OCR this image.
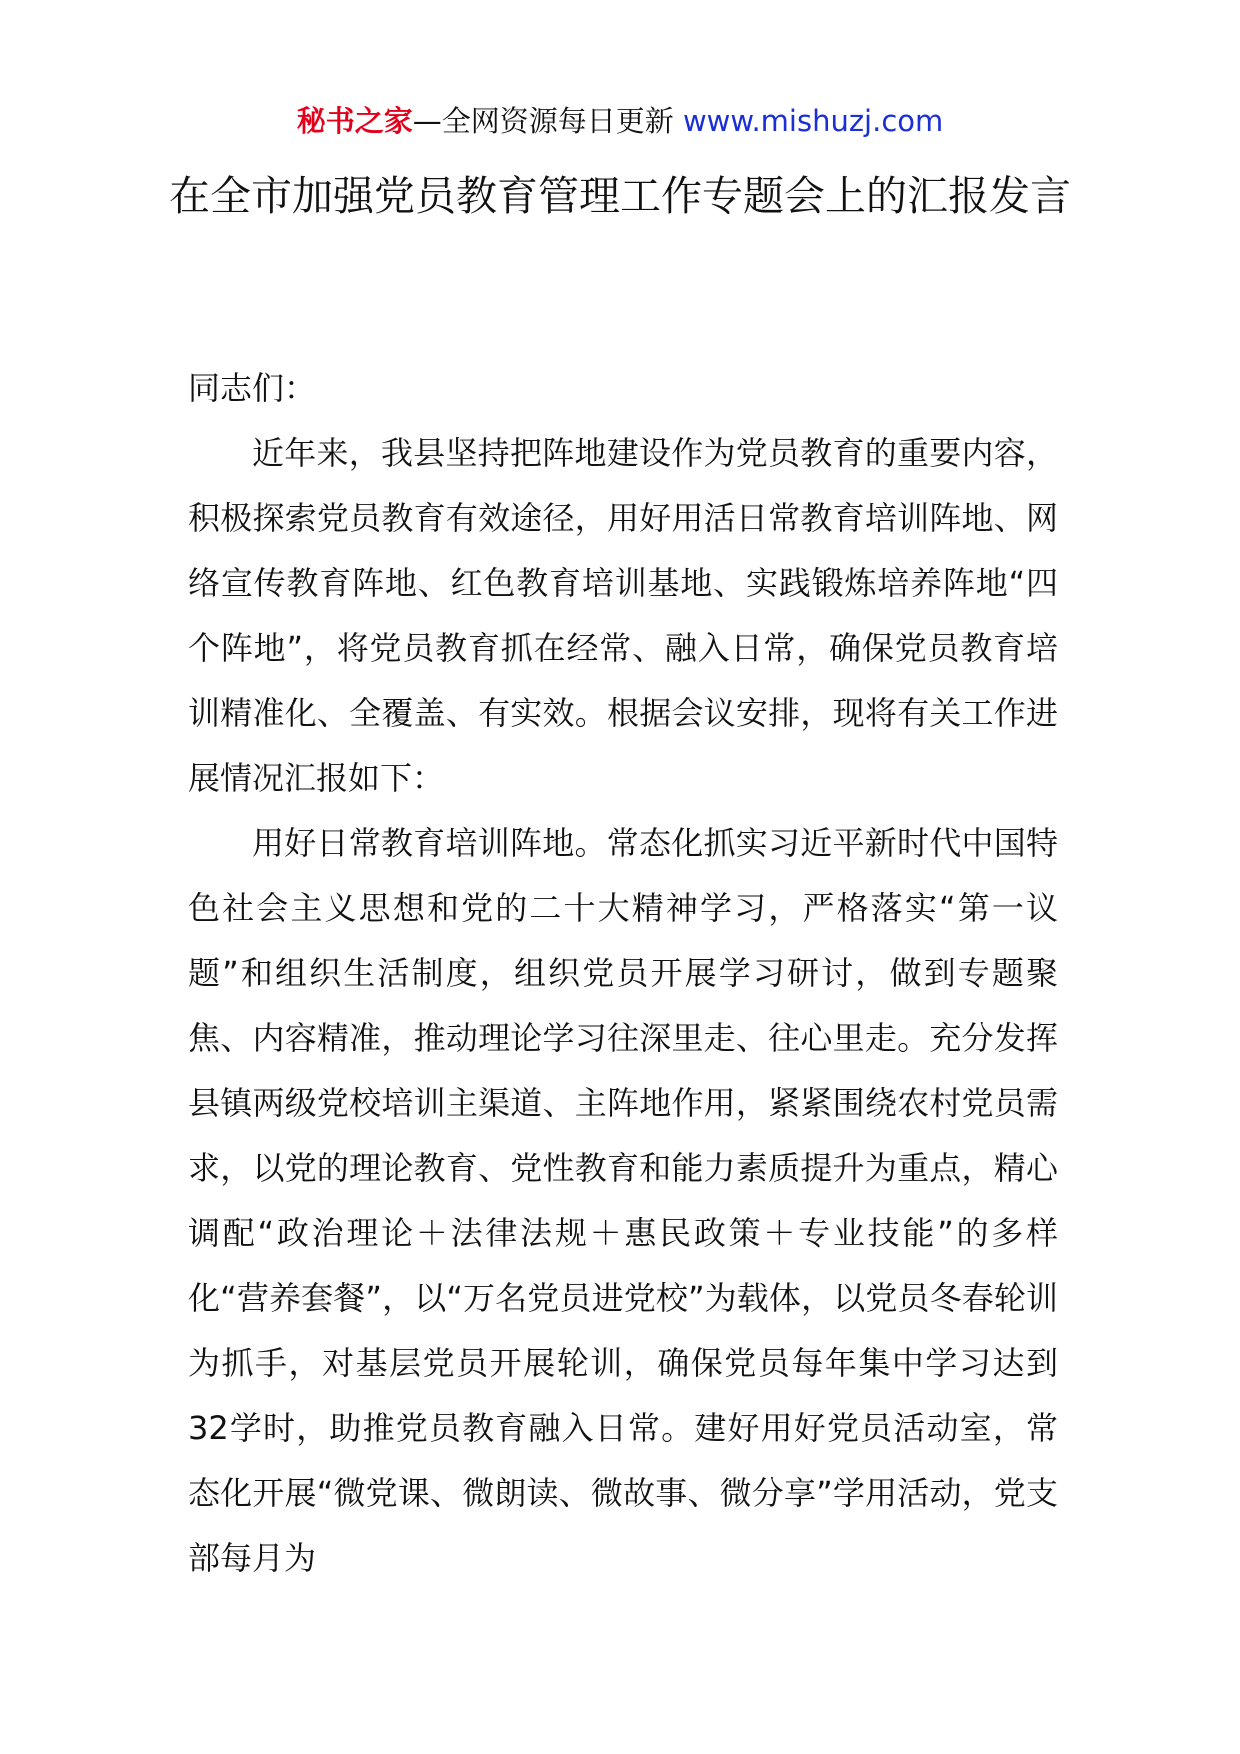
秘书之家—全网资源每日更新 www.mishuzj.com
在全市加强党员教育管理工作专题会上的汇报发言

同志们：

近年来，我县坚持把阵地建设作为党员教育的重要内容，积极探索党员教育有效途径，用好用活日常教育培训阵地、网络宣传教育阵地、红色教育培训基地、实践锻炼培养阵地“四个阵地”，将党员教育抓在经常、融入日常，确保党员教育培训精准化、全覆盖、有实效。根据会议安排，现将有关工作进展情况汇报如下：

用好日常教育培训阵地。常态化抓实习近平新时代中国特色社会主义思想和党的二十大精神学习，严格落实“第一议题”和组织生活制度，组织党员开展学习研讨，做到专题聚焦、内容精准，推动理论学习往深里走、往心里走。充分发挥县镇两级党校培训主渠道、主阵地作用，紧紧围绕农村党员需求，以党的理论教育、党性教育和能力素质提升为重点，精心调配“政治理论＋法律法规＋惠民政策＋专业技能”的多样化“营养套餐”，以“万名党员进党校”为载体，以党员冬春轮训为抓手，对基层党员开展轮训，确保党员每年集中学习达到32学时，助推党员教育融入日常。建好用好党员活动室，常态化开展“微党课、微朗读、微故事、微分享”学用活动，党支部每月为
